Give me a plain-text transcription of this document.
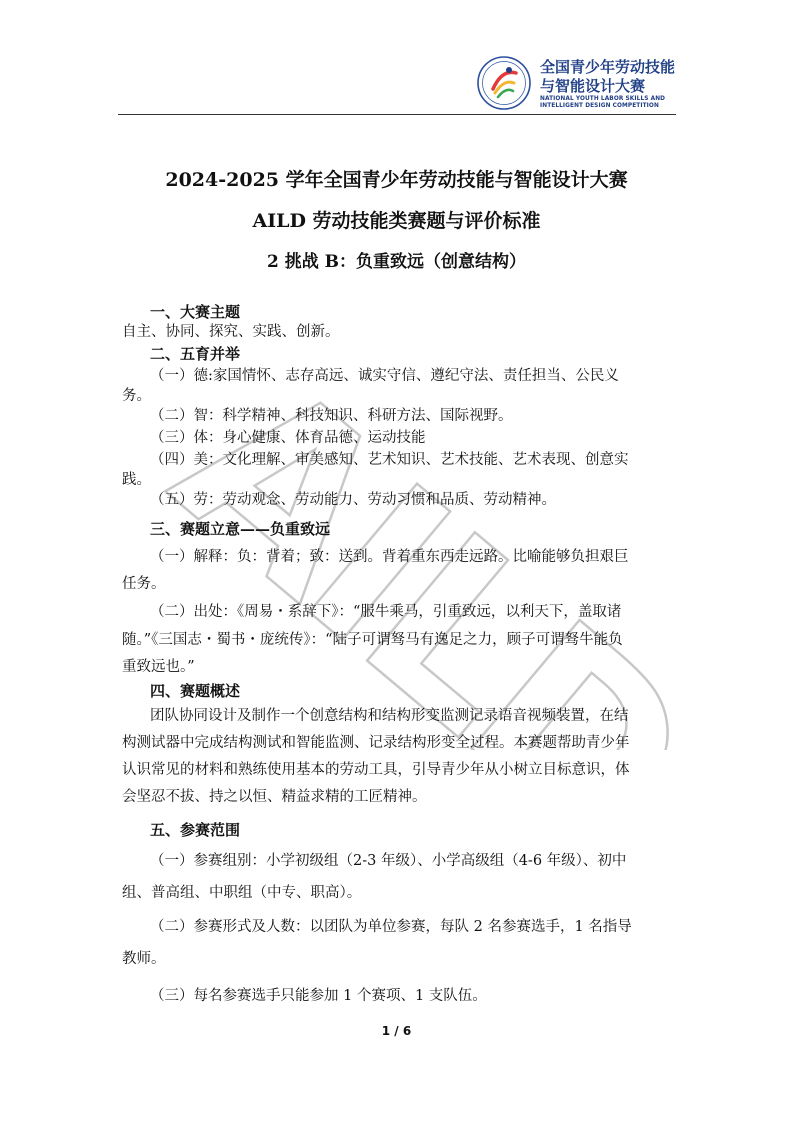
AILD
全国青少年劳动技能
与智能设计大赛
NATIONAL YOUTH LABOR SKILLS AND
INTELLIGENT DESIGN COMPETITION
2024-2025 学年全国青少年劳动技能与智能设计大赛
AILD 劳动技能类赛题与评价标准
2 挑战 B：负重致远（创意结构）
一、大赛主题
自主、协同、探究、实践、创新。
二、五育并举
（一）德:家国情怀、志存高远、诚实守信、遵纪守法、责任担当、公民义
务。
（二）智：科学精神、科技知识、科研方法、国际视野。
（三）体：身心健康、体育品德、运动技能
（四）美：文化理解、审美感知、艺术知识、艺术技能、艺术表现、创意实
践。
（五）劳：劳动观念、劳动能力、劳动习惯和品质、劳动精神。
三、赛题立意——负重致远
（一）解释：负：背着；致：送到。背着重东西走远路。比喻能够负担艰巨
任务。
（二）出处：《周易・系辞下》：“服牛乘马，引重致远，以利天下，盖取诸
随。”《三国志・蜀书・庞统传》：“陆子可谓驽马有逸足之力，顾子可谓驽牛能负
重致远也。”
四、赛题概述
团队协同设计及制作一个创意结构和结构形变监测记录语音视频装置，在结
构测试器中完成结构测试和智能监测、记录结构形变全过程。本赛题帮助青少年
认识常见的材料和熟练使用基本的劳动工具，引导青少年从小树立目标意识，体
会坚忍不拔、持之以恒、精益求精的工匠精神。
五、参赛范围
（一）参赛组别：小学初级组（2-3 年级）、小学高级组（4-6 年级）、初中
组、普高组、中职组（中专、职高）。
（二）参赛形式及人数：以团队为单位参赛，每队 2 名参赛选手，1 名指导
教师。
（三）每名参赛选手只能参加 1 个赛项、1 支队伍。
1 / 6
